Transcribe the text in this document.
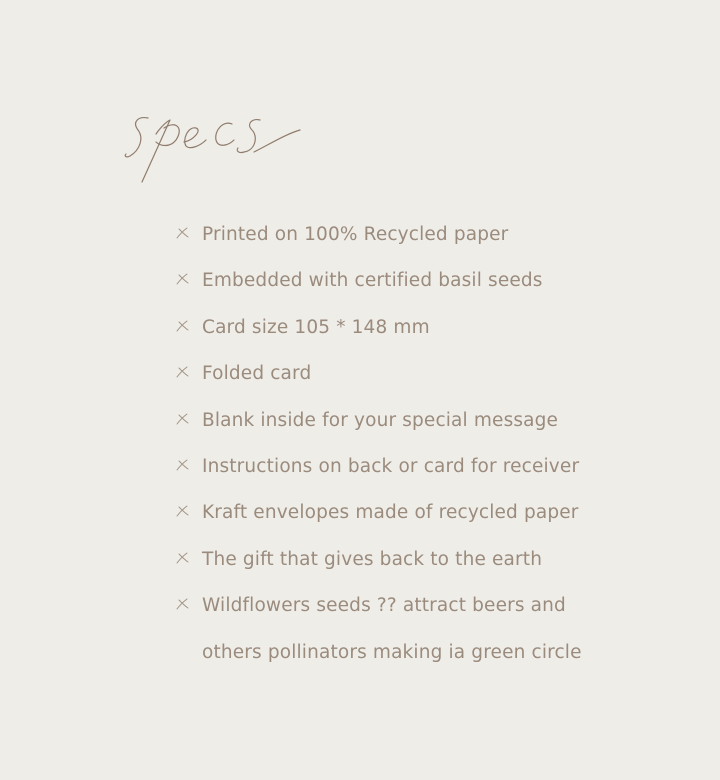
Printed on 100% Recycled paper
Embedded with certified basil seeds
Card size 105 * 148 mm
Folded card
Blank inside for your special message
Instructions on back or card for receiver
Kraft envelopes made of recycled paper
The gift that gives back to the earth
Wildflowers seeds ?? attract beers and
others pollinators making ia green circle
